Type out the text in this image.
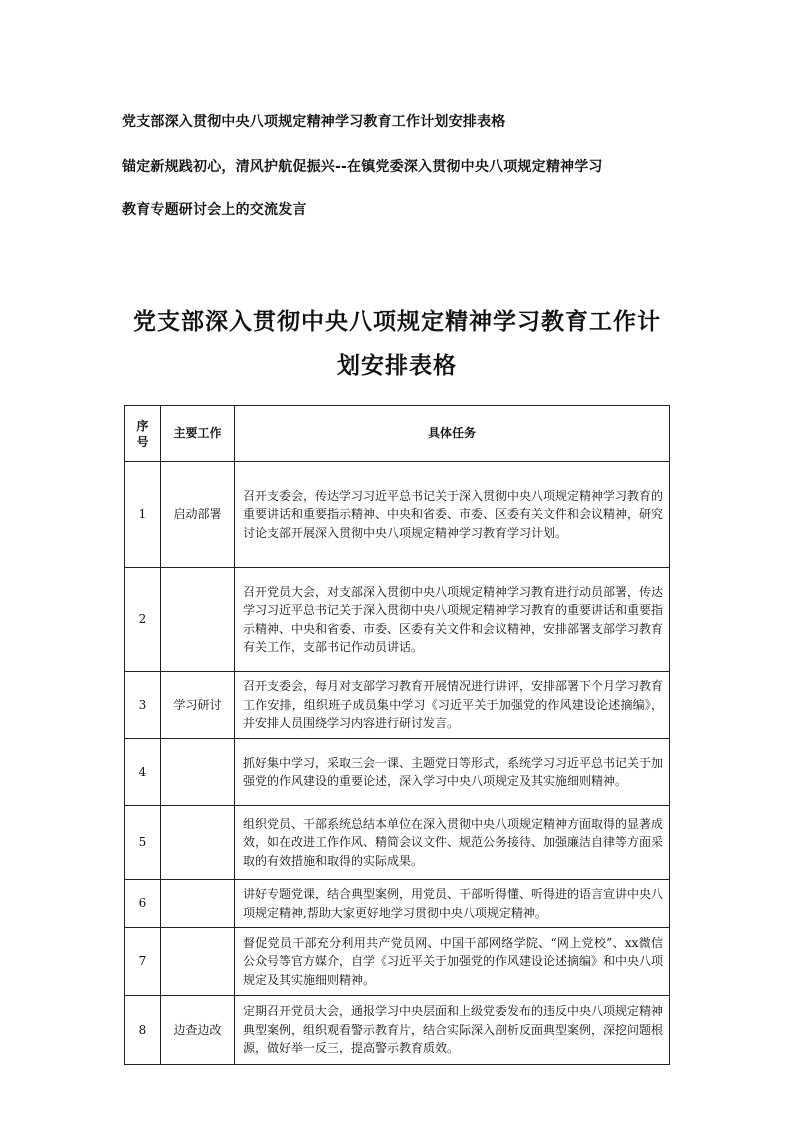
党支部深入贯彻中央八项规定精神学习教育工作计划安排表格

锚定新规践初心，清风护航促振兴--在镇党委深入贯彻中央八项规定精神学习

教育专题研讨会上的交流发言

党支部深入贯彻中央八项规定精神学习教育工作计
划安排表格
序号	主要工作	具体任务
1	启动部署	召开支委会，传达学习习近平总书记关于深入贯彻中央八项规定精神学习教育的重要讲话和重要指示精神、中央和省委、市委、区委有关文件和会议精神，研究讨论支部开展深入贯彻中央八项规定精神学习教育学习计划。
2		召开党员大会，对支部深入贯彻中央八项规定精神学习教育进行动员部署，传达学习习近平总书记关于深入贯彻中央八项规定精神学习教育的重要讲话和重要指示精神、中央和省委、市委、区委有关文件和会议精神，安排部署支部学习教育有关工作，支部书记作动员讲话。
3	学习研讨	召开支委会，每月对支部学习教育开展情况进行讲评，安排部署下个月学习教育工作安排，组织班子成员集中学习《习近平关于加强党的作风建设论述摘编》，并安排人员围绕学习内容进行研讨发言。
4		抓好集中学习，采取三会一课、主题党日等形式，系统学习习近平总书记关于加强党的作风建设的重要论述，深入学习中央八项规定及其实施细则精神。
5		组织党员、干部系统总结本单位在深入贯彻中央八项规定精神方面取得的显著成效，如在改进工作作风、精简会议文件、规范公务接待、加强廉洁自律等方面采取的有效措施和取得的实际成果。
6		讲好专题党课，结合典型案例，用党员、干部听得懂、听得进的语言宣讲中央八项规定精神,帮助大家更好地学习贯彻中央八项规定精神。
7		督促党员干部充分利用共产党员网、中国干部网络学院、“网上党校”、xx微信公众号等官方媒介，自学《习近平关于加强党的作风建设论述摘编》和中央八项规定及其实施细则精神。
8	边查边改	定期召开党员大会，通报学习中央层面和上级党委发布的违反中央八项规定精神典型案例，组织观看警示教育片，结合实际深入剖析反面典型案例，深挖问题根源，做好举一反三，提高警示教育质效。
